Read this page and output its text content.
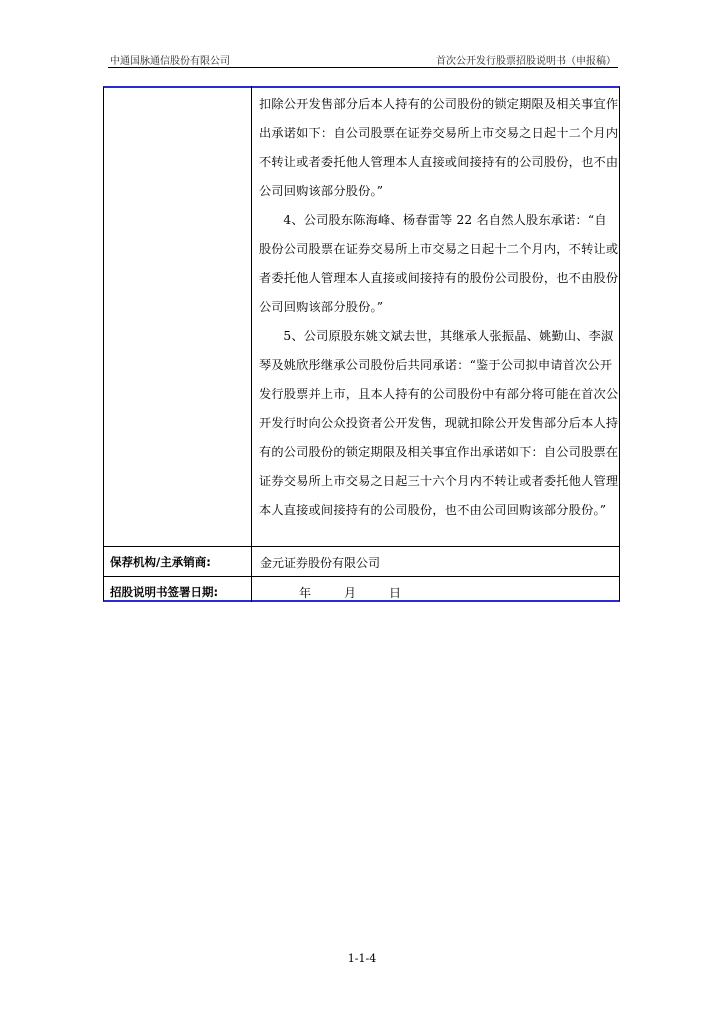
中通国脉通信股份有限公司	首次公开发行股票招股说明书（申报稿）

扣除公开发售部分后本人持有的公司股份的锁定期限及相关事宜作出承诺如下：自公司股票在证券交易所上市交易之日起十二个月内不转让或者委托他人管理本人直接或间接持有的公司股份，也不由公司回购该部分股份。”

4、公司股东陈海峰、杨春雷等 22 名自然人股东承诺：“自股份公司股票在证券交易所上市交易之日起十二个月内，不转让或者委托他人管理本人直接或间接持有的股份公司股份，也不由股份公司回购该部分股份。”

5、公司原股东姚文斌去世，其继承人张振晶、姚勤山、李淑琴及姚欣彤继承公司股份后共同承诺：“鉴于公司拟申请首次公开发行股票并上市，且本人持有的公司股份中有部分将可能在首次公开发行时向公众投资者公开发售，现就扣除公开发售部分后本人持有的公司股份的锁定期限及相关事宜作出承诺如下：自公司股票在证券交易所上市交易之日起三十六个月内不转让或者委托他人管理本人直接或间接持有的公司股份，也不由公司回购该部分股份。”

保荐机构/主承销商:	金元证券股份有限公司
招股说明书签署日期:	年	月	日
1-1-4
